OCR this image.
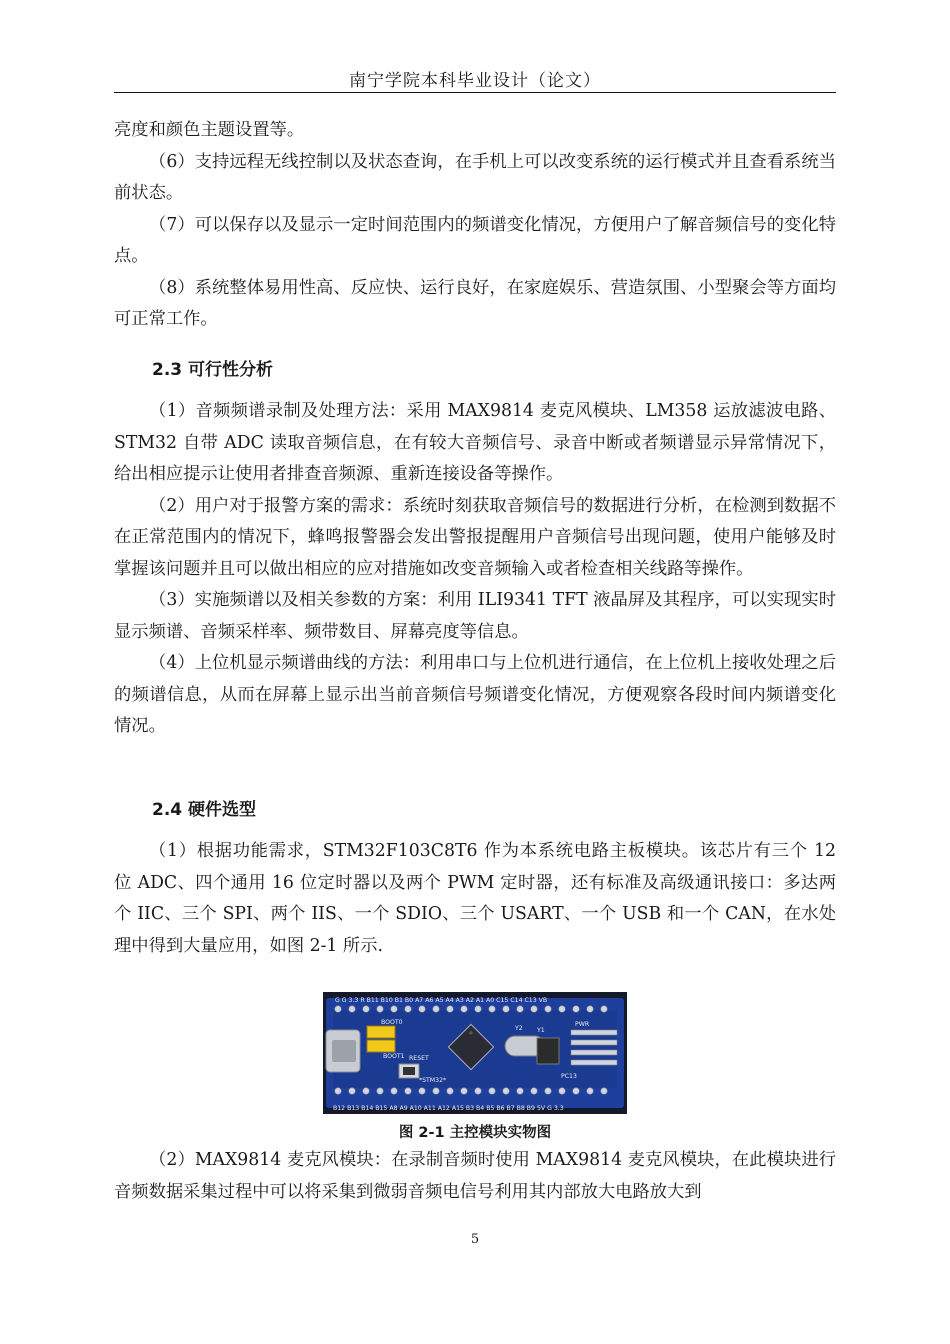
南宁学院本科毕业设计（论文）

亮度和颜色主题设置等。

（6）支持远程无线控制以及状态查询，在手机上可以改变系统的运行模式并且查看系统当前状态。

（7）可以保存以及显示一定时间范围内的频谱变化情况，方便用户了解音频信号的变化特点。

（8）系统整体易用性高、反应快、运行良好，在家庭娱乐、营造氛围、小型聚会等方面均可正常工作。

2.3 可行性分析

（1）音频频谱录制及处理方法：采用 MAX9814 麦克风模块、LM358 运放滤波电路、STM32 自带 ADC 读取音频信息，在有较大音频信号、录音中断或者频谱显示异常情况下，给出相应提示让使用者排查音频源、重新连接设备等操作。

（2）用户对于报警方案的需求：系统时刻获取音频信号的数据进行分析，在检测到数据不在正常范围内的情况下，蜂鸣报警器会发出警报提醒用户音频信号出现问题，使用户能够及时掌握该问题并且可以做出相应的应对措施如改变音频输入或者检查相关线路等操作。

（3）实施频谱以及相关参数的方案：利用 ILI9341 TFT 液晶屏及其程序，可以实现实时显示频谱、音频采样率、频带数目、屏幕亮度等信息。

（4）上位机显示频谱曲线的方法：利用串口与上位机进行通信，在上位机上接收处理之后的频谱信息，从而在屏幕上显示出当前音频信号频谱变化情况，方便观察各段时间内频谱变化情况。

2.4 硬件选型

（1）根据功能需求，STM32F103C8T6 作为本系统电路主板模块。该芯片有三个 12 位 ADC、四个通用 16 位定时器以及两个 PWM 定时器，还有标准及高级通讯接口：多达两个 IIC、三个 SPI、两个 IIS、一个 SDIO、三个 USART、一个 USB 和一个 CAN，在水处理中得到大量应用，如图 2-1 所示.

G G 3.3 R B11 B10 B1 B0 A7 A6 A5 A4 A3 A2 A1 A0 C15 C14 C13 VB
B12 B13 B14 B15 A8 A9 A10 A11 A12 A15 B3 B4 B5 B6 B7 B8 B9 5V G 3.3
BOOT0
BOOT1 RESET
*STM32*
Y2 Y1
PWR
PC13
图 2-1 主控模块实物图

（2）MAX9814 麦克风模块：在录制音频时使用 MAX9814 麦克风模块，在此模块进行音频数据采集过程中可以将采集到微弱音频电信号利用其内部放大电路放大到

5
